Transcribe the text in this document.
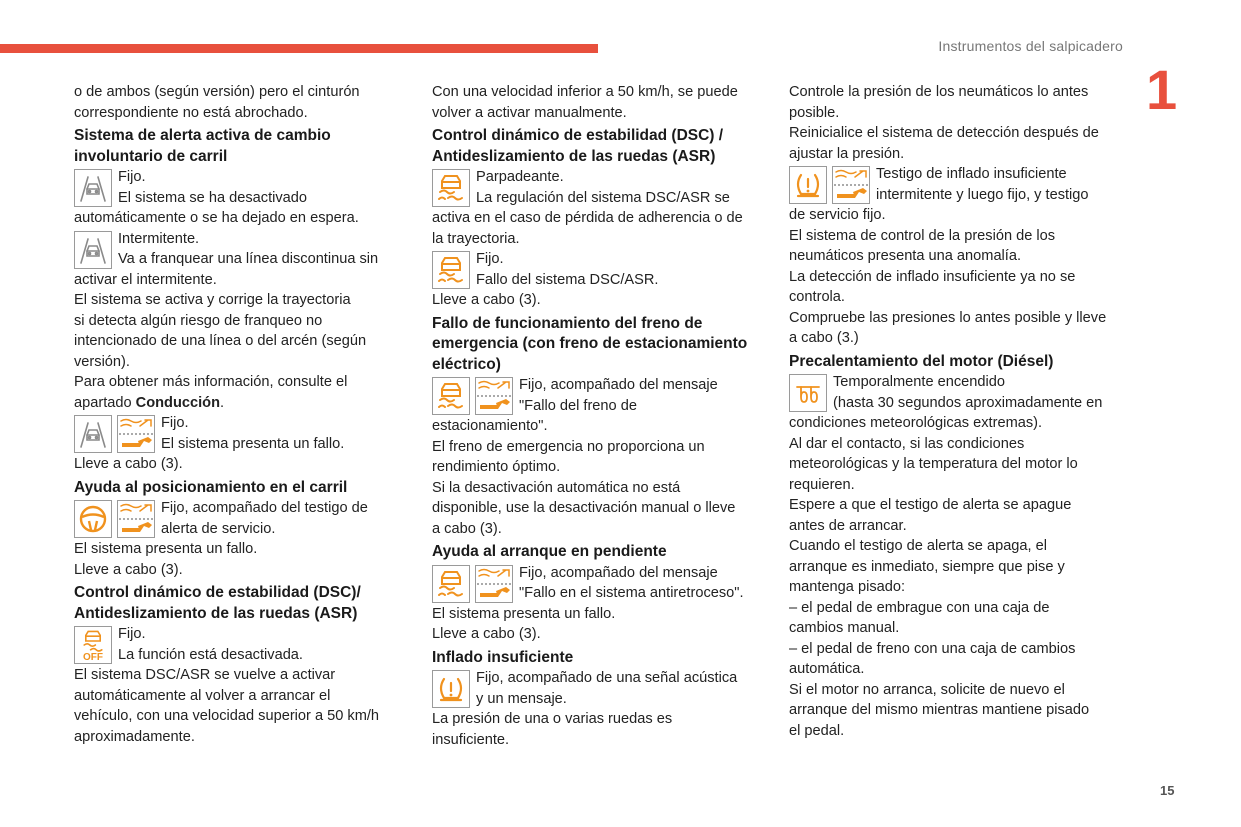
Instrumentos del salpicadero
1

o de ambos (según versión) pero el cinturón

correspondiente no está abrochado.

Sistema de alerta activa de cambio
involuntario de carril

Fijo.

El sistema se ha desactivado

automáticamente o se ha dejado en espera.

Intermitente.

Va a franquear una línea discontinua sin

activar el intermitente.

El sistema se activa y corrige la trayectoria

si detecta algún riesgo de franqueo no

intencionado de una línea o del arcén (según

versión).

Para obtener más información, consulte el

apartado Conducción.

Fijo.

El sistema presenta un fallo.

Lleve a cabo (3).

Ayuda al posicionamiento en el carril

Fijo, acompañado del testigo de

alerta de servicio.

El sistema presenta un fallo.

Lleve a cabo (3).

Control dinámico de estabilidad (DSC)/
Antideslizamiento de las ruedas (ASR)
OFF

Fijo.

La función está desactivada.

El sistema DSC/ASR se vuelve a activar

automáticamente al volver a arrancar el

vehículo, con una velocidad superior a 50 km/h

aproximadamente.

Con una velocidad inferior a 50 km/h, se puede

volver a activar manualmente.

Control dinámico de estabilidad (DSC) /
Antideslizamiento de las ruedas (ASR)

Parpadeante.

La regulación del sistema DSC/ASR se

activa en el caso de pérdida de adherencia o de

la trayectoria.

Fijo.

Fallo del sistema DSC/ASR.

Lleve a cabo (3).

Fallo de funcionamiento del freno de
emergencia (con freno de estacionamiento
eléctrico)

Fijo, acompañado del mensaje

"Fallo del freno de

estacionamiento".

El freno de emergencia no proporciona un

rendimiento óptimo.

Si la desactivación automática no está

disponible, use la desactivación manual o lleve

a cabo (3).

Ayuda al arranque en pendiente

Fijo, acompañado del mensaje

"Fallo en el sistema antiretroceso".

El sistema presenta un fallo.

Lleve a cabo (3).

Inflado insuficiente

Fijo, acompañado de una señal acústica

y un mensaje.

La presión de una o varias ruedas es

insuficiente.

Controle la presión de los neumáticos lo antes

posible.

Reinicialice el sistema de detección después de

ajustar la presión.

Testigo de inflado insuficiente

intermitente y luego fijo, y testigo

de servicio fijo.

El sistema de control de la presión de los

neumáticos presenta una anomalía.

La detección de inflado insuficiente ya no se

controla.

Compruebe las presiones lo antes posible y lleve

a cabo (3.)

Precalentamiento del motor (Diésel)

Temporalmente encendido

(hasta 30 segundos aproximadamente en

condiciones meteorológicas extremas).

Al dar el contacto, si las condiciones

meteorológicas y la temperatura del motor lo

requieren.

Espere a que el testigo de alerta se apague

antes de arrancar.

Cuando el testigo de alerta se apaga, el

arranque es inmediato, siempre que pise y

mantenga pisado:

– el pedal de embrague con una caja de

cambios manual.

– el pedal de freno con una caja de cambios

automática.

Si el motor no arranca, solicite de nuevo el

arranque del mismo mientras mantiene pisado

el pedal.

15
